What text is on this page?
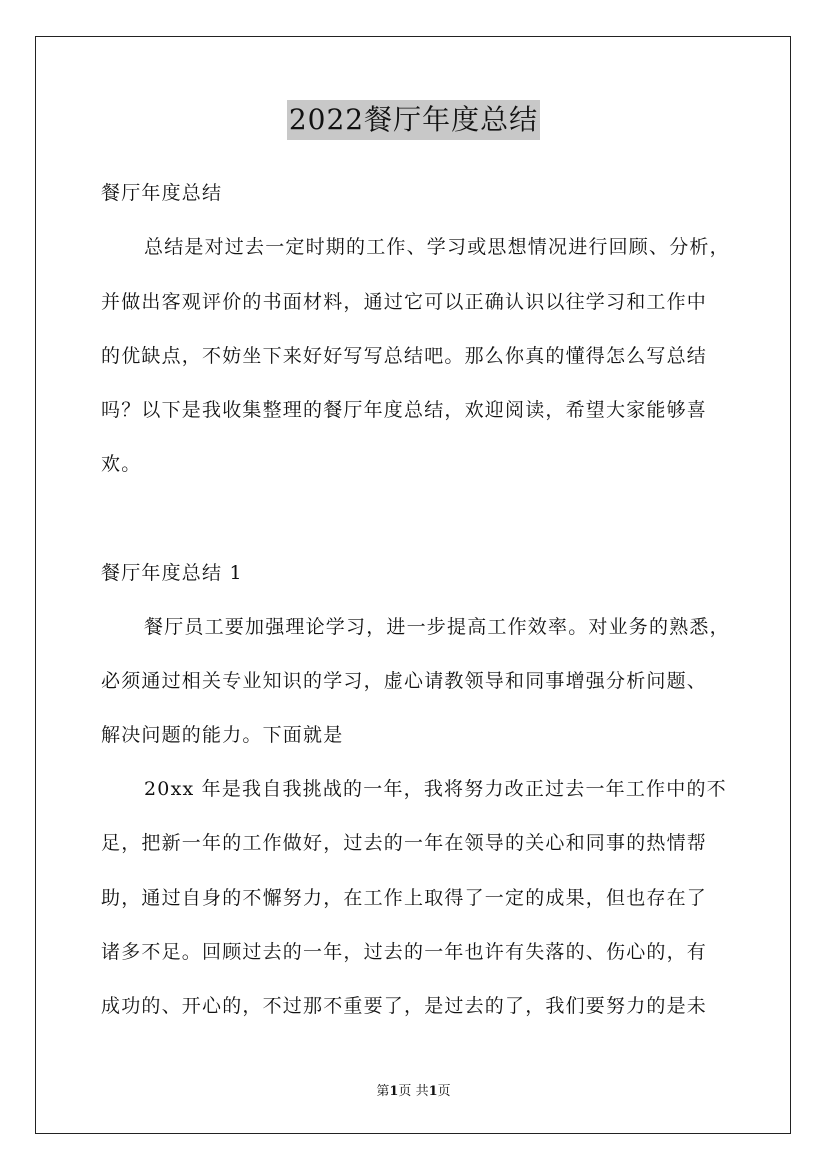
2022餐厅年度总结
餐厅年度总结
总结是对过去一定时期的工作、学习或思想情况进行回顾、分析，
并做出客观评价的书面材料，通过它可以正确认识以往学习和工作中
的优缺点，不妨坐下来好好写写总结吧。那么你真的懂得怎么写总结
吗？以下是我收集整理的餐厅年度总结，欢迎阅读，希望大家能够喜
欢。
餐厅年度总结 1
餐厅员工要加强理论学习，进一步提高工作效率。对业务的熟悉，
必须通过相关专业知识的学习，虚心请教领导和同事增强分析问题、
解决问题的能力。下面就是
20xx 年是我自我挑战的一年，我将努力改正过去一年工作中的不
足，把新一年的工作做好，过去的一年在领导的关心和同事的热情帮
助，通过自身的不懈努力，在工作上取得了一定的成果，但也存在了
诸多不足。回顾过去的一年，过去的一年也许有失落的、伤心的，有
成功的、开心的，不过那不重要了，是过去的了，我们要努力的是未
第1页 共1页
